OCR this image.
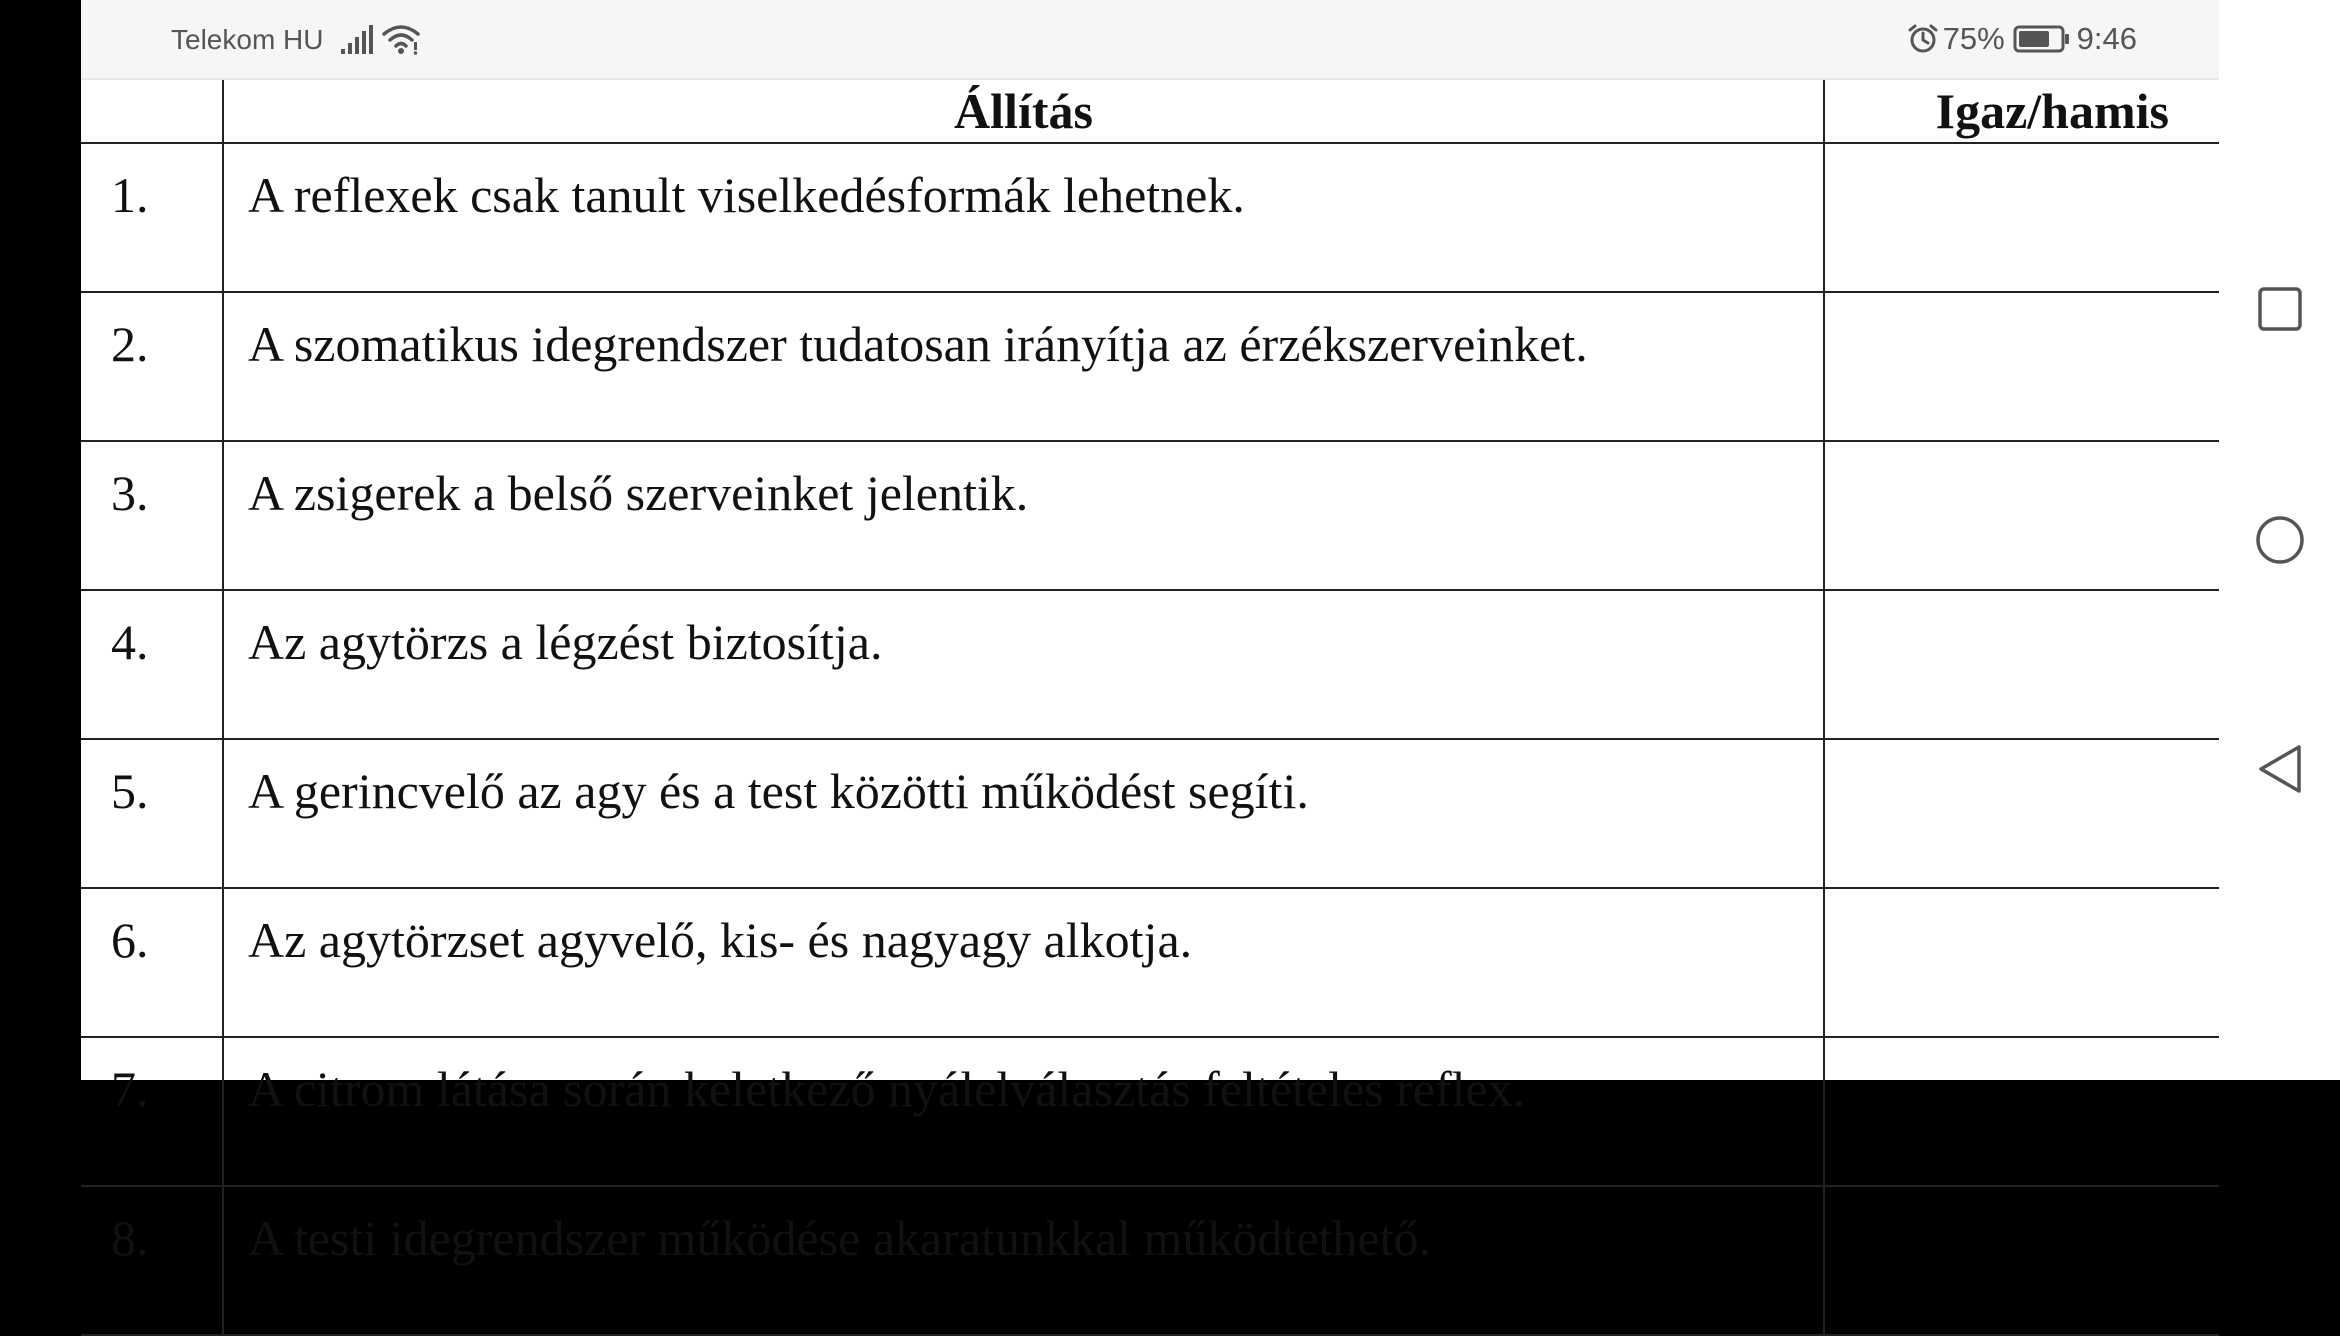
Telekom HU	75% 9:46
	Állítás	Igaz/hamis
1.	A reflexek csak tanult viselkedésformák lehetnek.	
2.	A szomatikus idegrendszer tudatosan irányítja az érzékszerveinket.	
3.	A zsigerek a belső szerveinket jelentik.	
4.	Az agytörzs a légzést biztosítja.	
5.	A gerincvelő az agy és a test közötti működést segíti.	
6.	Az agytörzset agyvelő, kis- és nagyagy alkotja.	
7.	A citrom látása során keletkező nyálelválasztás feltételes reflex.	
8.	A testi idegrendszer működése akaratunkkal működtethető.	
